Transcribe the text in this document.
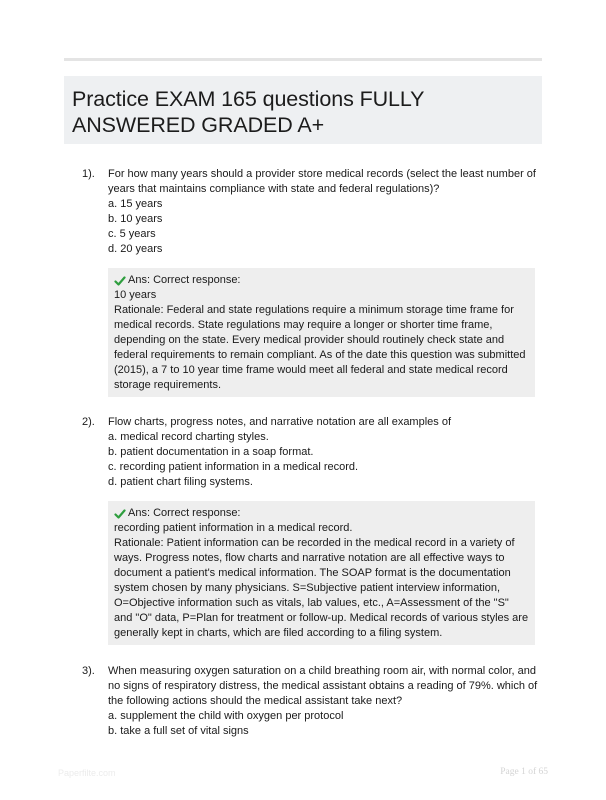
Practice EXAM 165 questions FULLY ANSWERED GRADED A+
1).	For how many years should a provider store medical records (select the least number of years that maintains compliance with state and federal regulations)?
a. 15 years
b. 10 years
c. 5 years
d. 20 years
Ans: Correct response:
10 years
Rationale: Federal and state regulations require a minimum storage time frame for medical records. State regulations may require a longer or shorter time frame, depending on the state. Every medical provider should routinely check state and federal requirements to remain compliant. As of the date this question was submitted (2015), a 7 to 10 year time frame would meet all federal and state medical record storage requirements.
2).	Flow charts, progress notes, and narrative notation are all examples of
a. medical record charting styles.
b. patient documentation in a soap format.
c. recording patient information in a medical record.
d. patient chart filing systems.
Ans: Correct response:
recording patient information in a medical record.
Rationale: Patient information can be recorded in the medical record in a variety of ways. Progress notes, flow charts and narrative notation are all effective ways to document a patient's medical information. The SOAP format is the documentation system chosen by many physicians. S=Subjective patient interview information, O=Objective information such as vitals, lab values, etc., A=Assessment of the "S" and "O" data, P=Plan for treatment or follow-up. Medical records of various styles are generally kept in charts, which are filed according to a filing system.
3).	When measuring oxygen saturation on a child breathing room air, with normal color, and no signs of respiratory distress, the medical assistant obtains a reading of 79%. which of the following actions should the medical assistant take next?
a. supplement the child with oxygen per protocol
b. take a full set of vital signs
Paperfilte.com	Page 1 of 65
